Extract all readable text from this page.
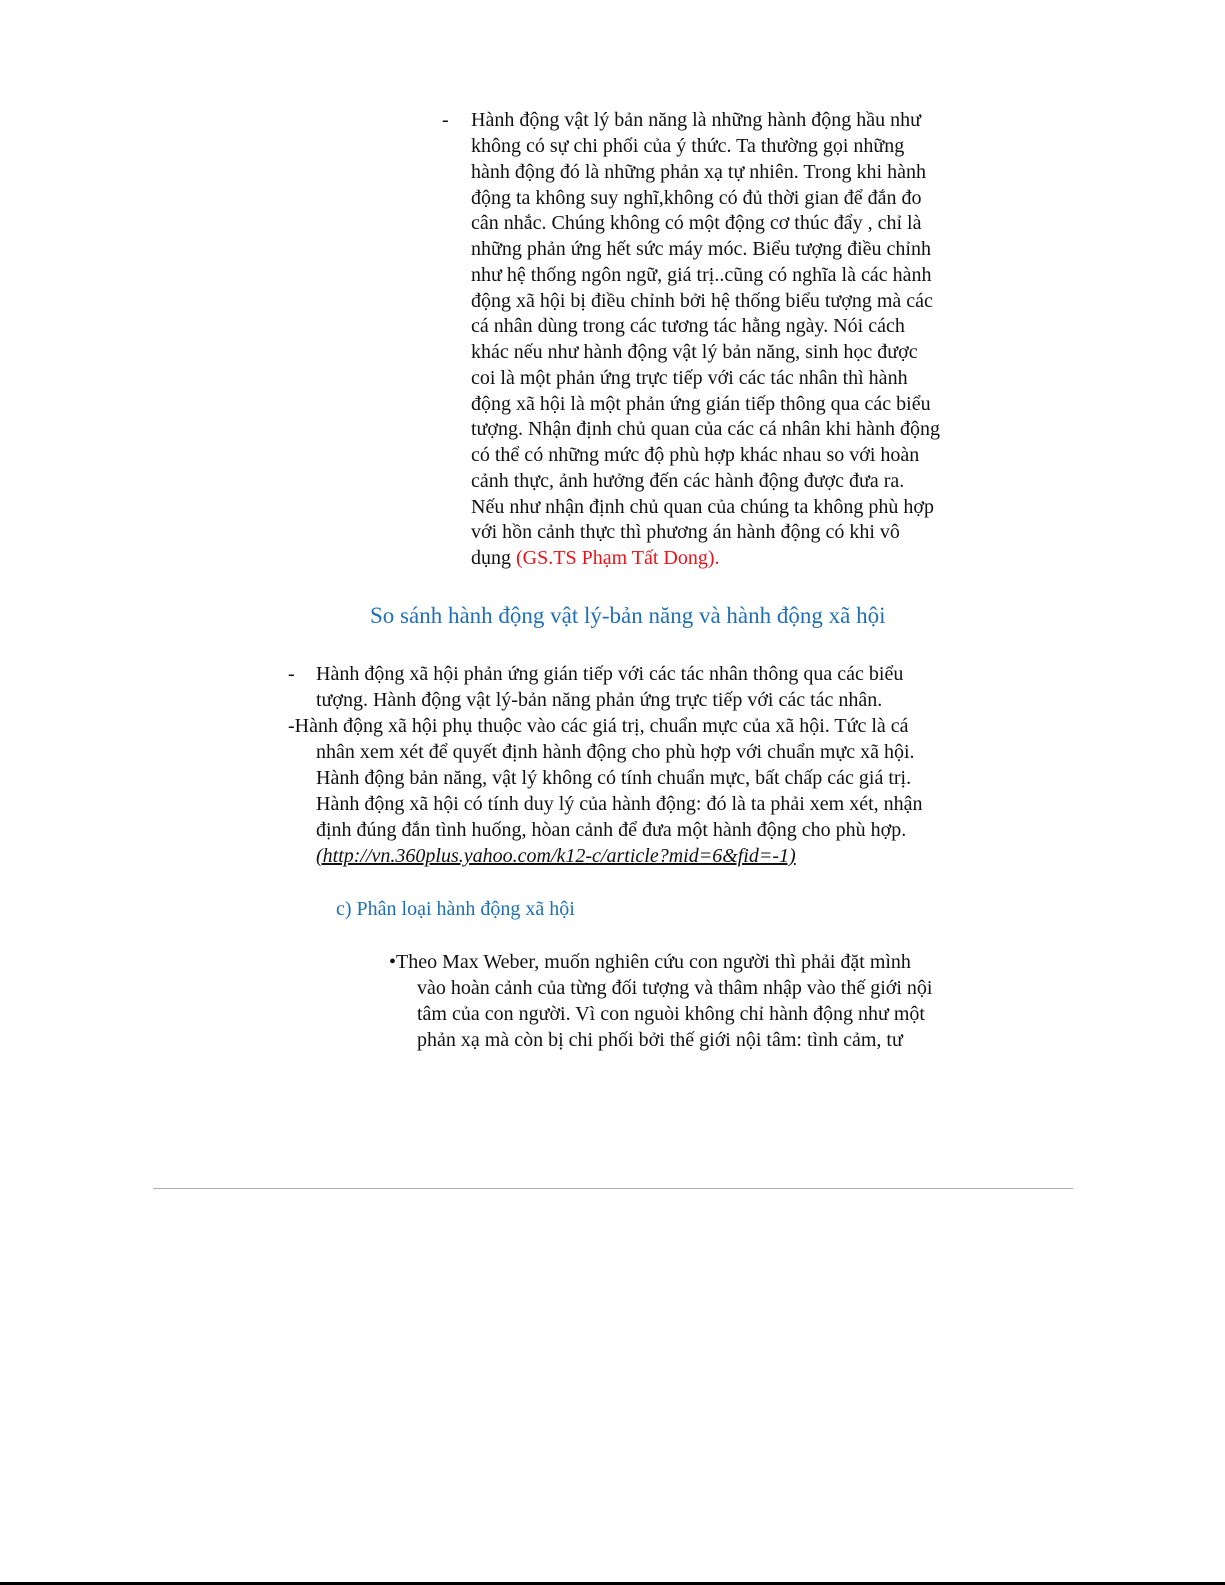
- Hành động vật lý bản năng là những hành động hầu như
không có sự chi phối của ý thức. Ta thường gọi những
hành động đó là những phản xạ tự nhiên. Trong khi hành
động ta không suy nghĩ,không có đủ thời gian để đắn đo
cân nhắc. Chúng không có một động cơ thúc đẩy , chỉ là
những phản ứng hết sức máy móc. Biểu tượng điều chỉnh
như hệ thống ngôn ngữ, giá trị..cũng có nghĩa là các hành
động xã hội bị điều chỉnh bởi hệ thống biểu tượng mà các
cá nhân dùng trong các tương tác hằng ngày. Nói cách
khác nếu như hành động vật lý bản năng, sinh học được
coi là một phản ứng trực tiếp với các tác nhân thì hành
động xã hội là một phản ứng gián tiếp thông qua các biểu
tượng. Nhận định chủ quan của các cá nhân khi hành động
có thể có những mức độ phù hợp khác nhau so với hoàn
cảnh thực, ảnh hưởng đến các hành động được đưa ra.
Nếu như nhận định chủ quan của chúng ta không phù hợp
với hồn cảnh thực thì phương án hành động có khi vô
dụng (GS.TS Phạm Tất Dong).
So sánh hành động vật lý-bản năng và hành động xã hội
- Hành động xã hội phản ứng gián tiếp với các tác nhân thông qua các biểu
tượng. Hành động vật lý-bản năng phản ứng trực tiếp với các tác nhân.
-Hành động xã hội phụ thuộc vào các giá trị, chuẩn mực của xã hội. Tức là cá
nhân xem xét để quyết định hành động cho phù hợp với chuẩn mực xã hội.
Hành động bản năng, vật lý không có tính chuẩn mực, bất chấp các giá trị.
Hành động xã hội có tính duy lý của hành động: đó là ta phải xem xét, nhận
định đúng đắn tình huống, hòan cảnh để đưa một hành động cho phù hợp.
(http://vn.360plus.yahoo.com/k12-c/article?mid=6&fid=-1)
c) Phân loại hành động xã hội
•Theo Max Weber, muốn nghiên cứu con người thì phải đặt mình
vào hoàn cảnh của từng đối tượng và thâm nhập vào thế giới nội
tâm của con người. Vì con nguòi không chỉ hành động như một
phản xạ mà còn bị chi phối bởi thế giới nội tâm: tình cảm, tư
